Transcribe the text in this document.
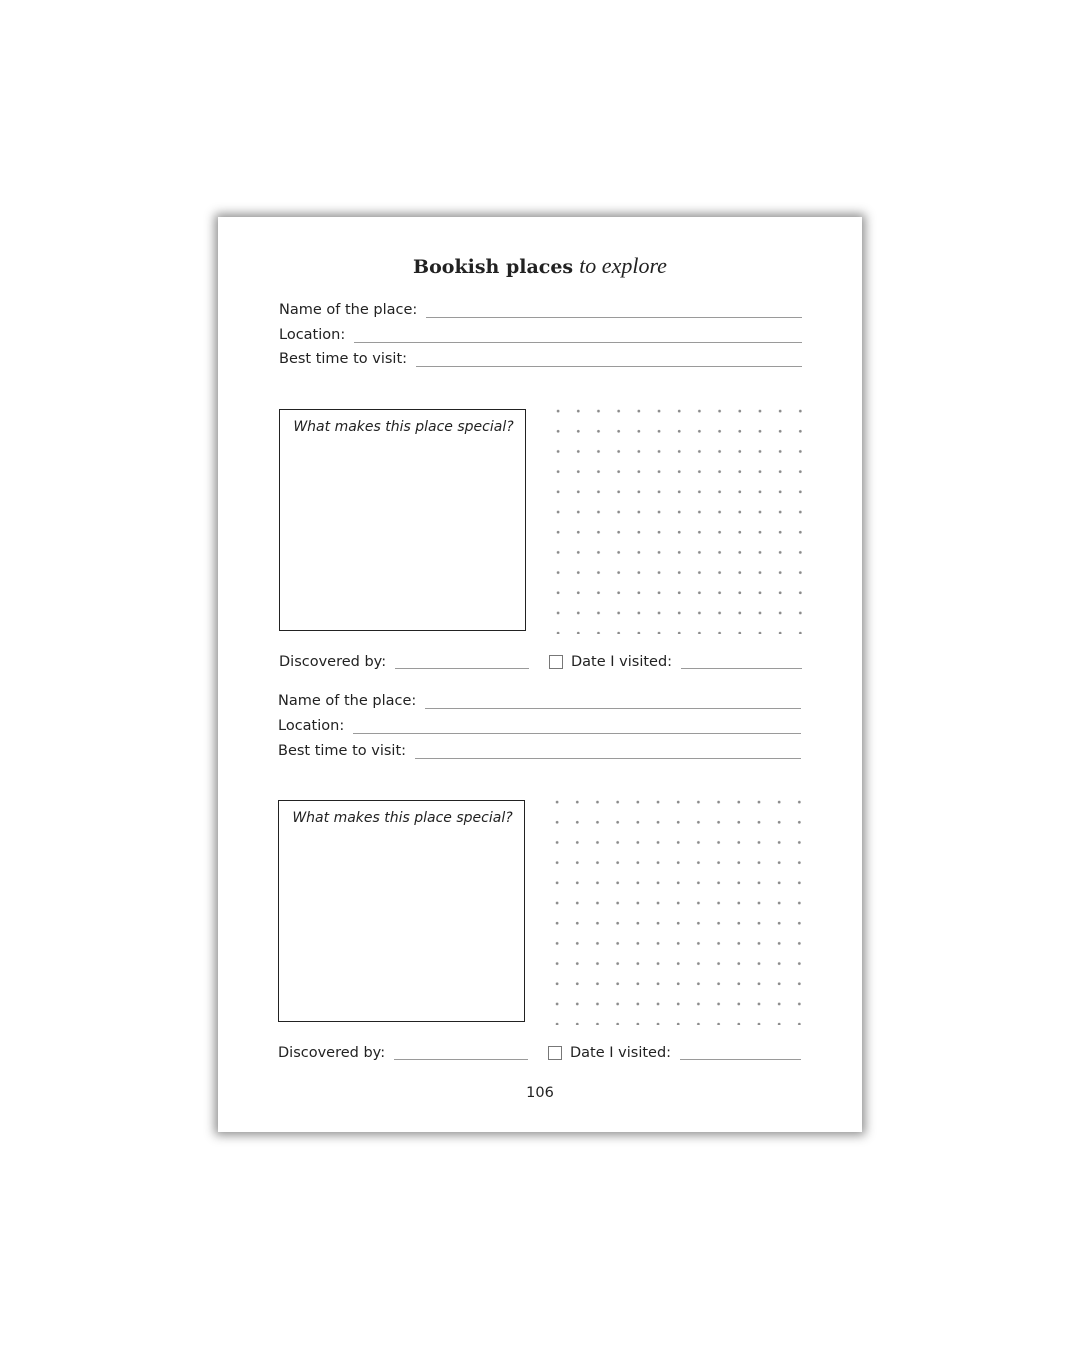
Bookish places to explore
Name of the place:
Location:
Best time to visit:
What makes this place special?
Discovered by:	Date I visited:
Name of the place:
Location:
Best time to visit:
What makes this place special?
Discovered by:	Date I visited:
106
